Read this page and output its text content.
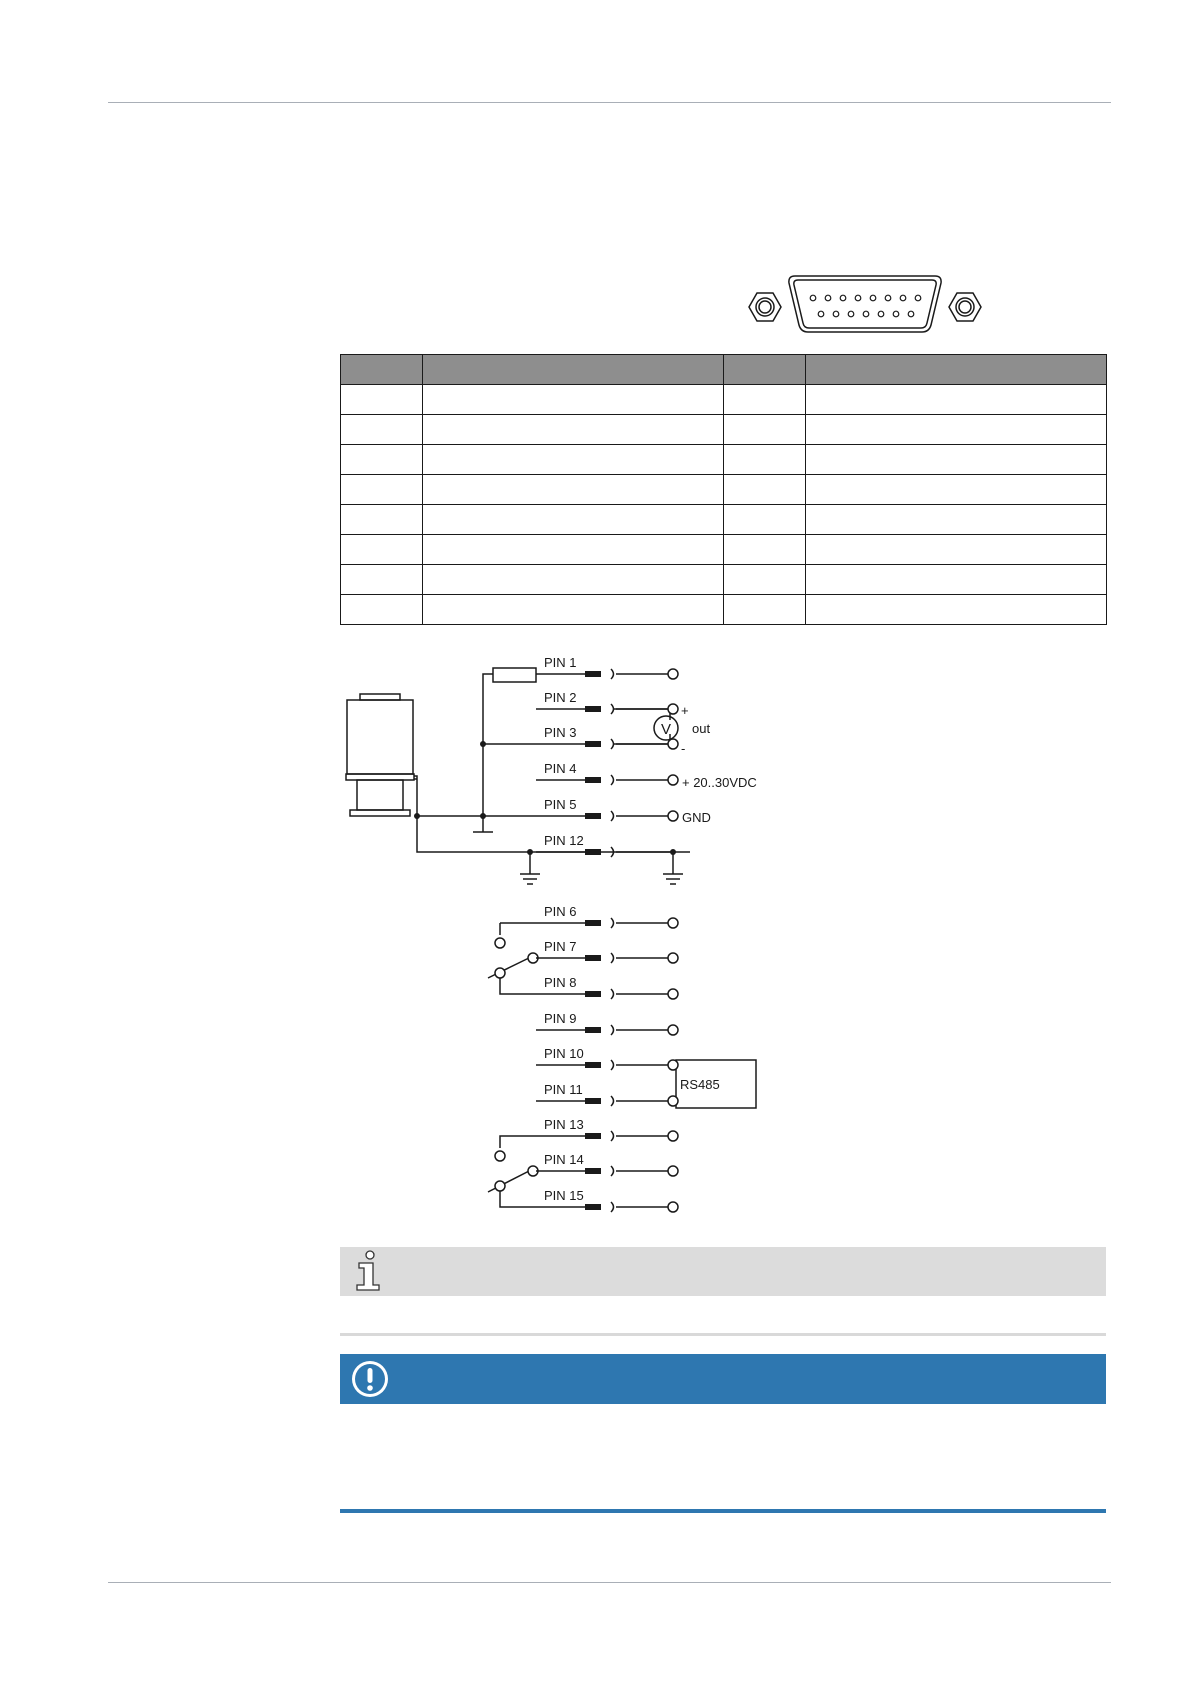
PIN 1
PIN 2
PIN 3
PIN 4
PIN 5
PIN 12
PIN 6
PIN 7
PIN 8
PIN 9
PIN 10
PIN 11
PIN 13
PIN 14
PIN 15
V
+
-
out
+ 20..30VDC
GND
RS485
